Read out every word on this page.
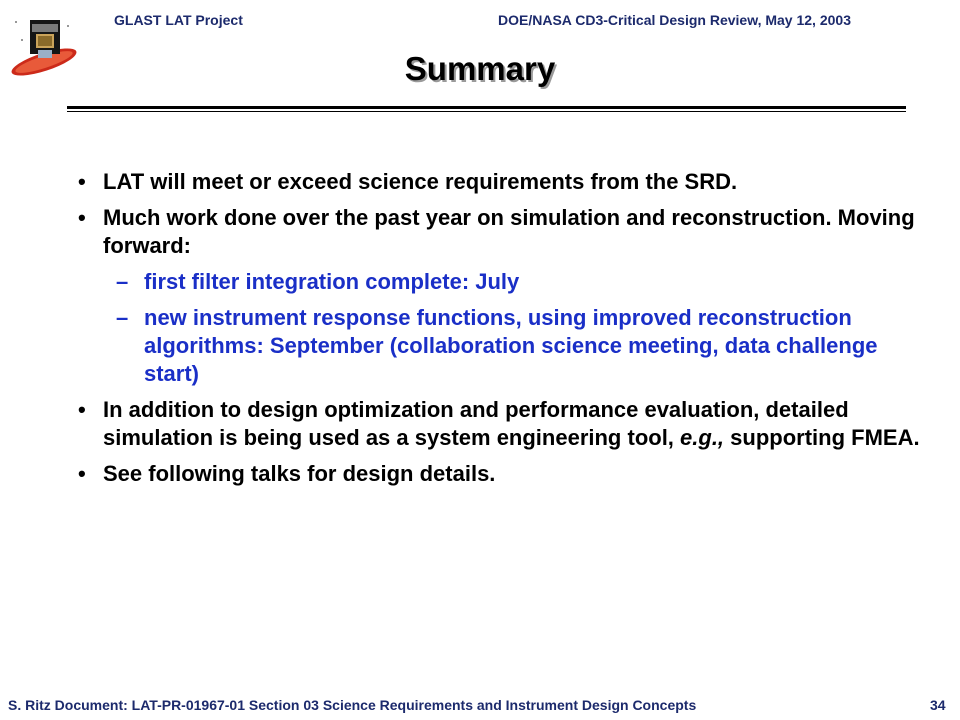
GLAST LAT Project	DOE/NASA CD3-Critical Design Review, May 12, 2003
Summary
• LAT will meet or exceed science requirements from the SRD.
• Much work done over the past year on simulation and reconstruction. Moving forward:
– first filter integration complete: July
– new instrument response functions, using improved reconstruction algorithms: September (collaboration science meeting, data challenge start)
• In addition to design optimization and performance evaluation, detailed simulation is being used as a system engineering tool, e.g., supporting FMEA.
• See following talks for design details.
S. Ritz Document: LAT-PR-01967-01 Section 03 Science Requirements and Instrument Design Concepts	34
